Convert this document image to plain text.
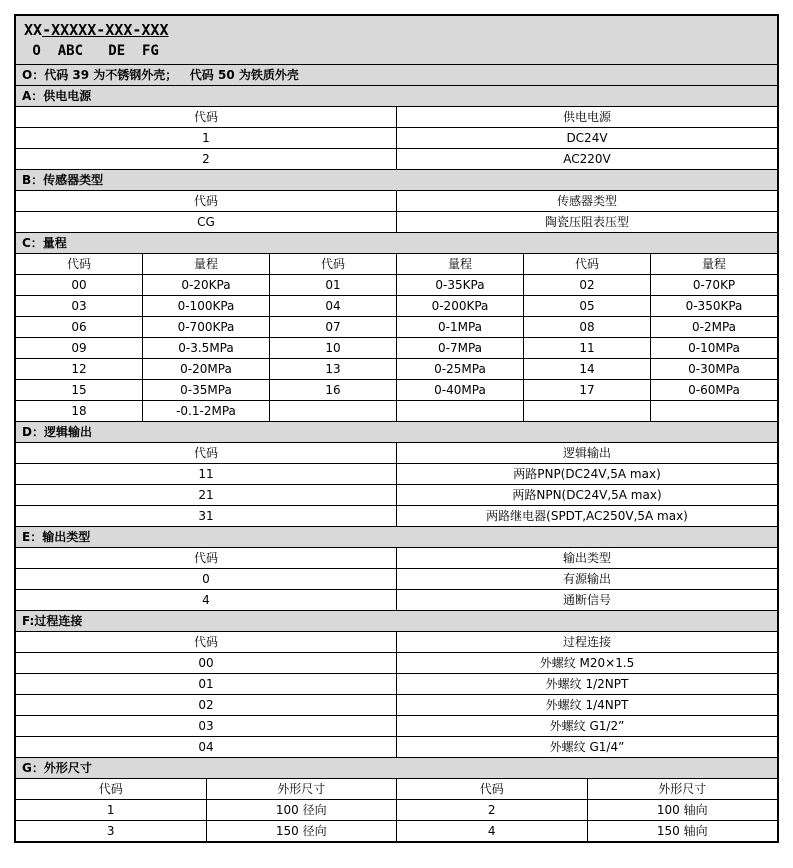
XX-XXXXX-XXX-XXX
O  ABC   DE  FG
O：代码 39 为不锈钢外壳；   代码 50 为铁质外壳
A：供电电源
代码	供电电源
1	DC24V
2	AC220V
B：传感器类型
代码	传感器类型
CG	陶瓷压阻表压型
C：量程
代码	量程	代码	量程	代码	量程
00	0-20KPa	01	0-35KPa	02	0-70KP
03	0-100KPa	04	0-200KPa	05	0-350KPa
06	0-700KPa	07	0-1MPa	08	0-2MPa
09	0-3.5MPa	10	0-7MPa	11	0-10MPa
12	0-20MPa	13	0-25MPa	14	0-30MPa
15	0-35MPa	16	0-40MPa	17	0-60MPa
18	-0.1-2MPa
D：逻辑输出
代码	逻辑输出
11	两路PNP(DC24V,5A max)
21	两路NPN(DC24V,5A max)
31	两路继电器(SPDT,AC250V,5A max)
E：输出类型
代码	输出类型
0	有源输出
4	通断信号
F:过程连接
代码	过程连接
00	外螺纹 M20×1.5
01	外螺纹 1/2NPT
02	外螺纹 1/4NPT
03	外螺纹 G1/2”
04	外螺纹 G1/4”
G：外形尺寸
代码	外形尺寸	代码	外形尺寸
1	100 径向	2	100 轴向
3	150 径向	4	150 轴向
